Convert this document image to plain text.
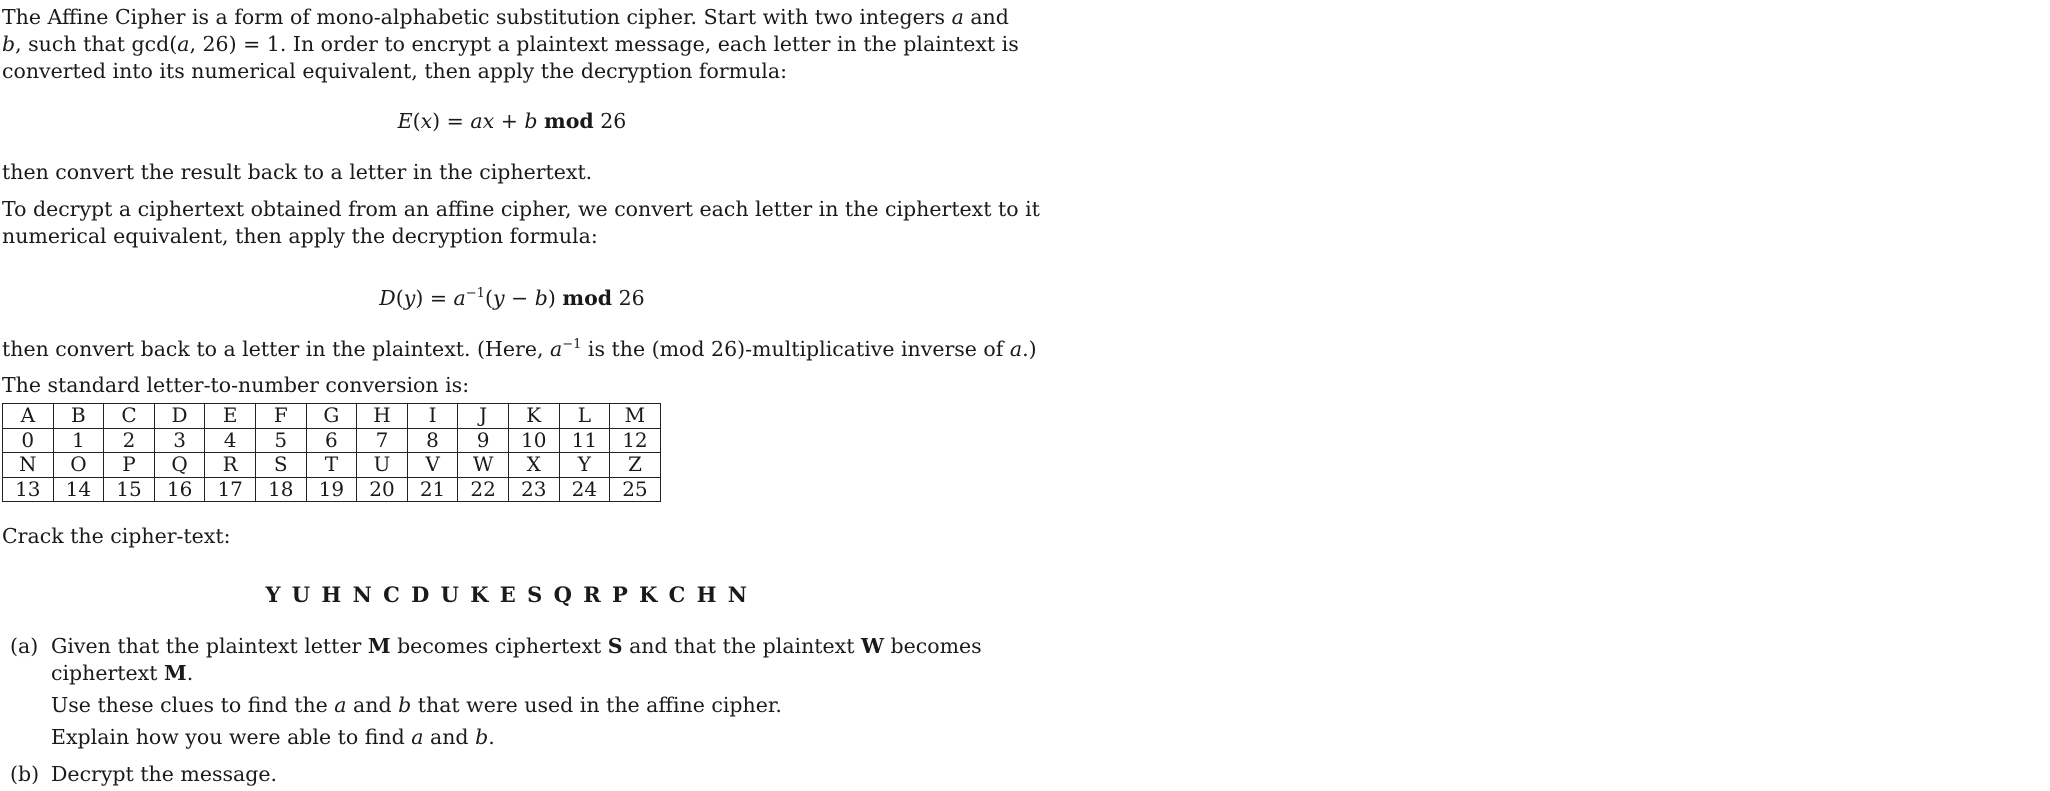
The Affine Cipher is a form of mono-alphabetic substitution cipher. Start with two integers a and
b, such that gcd(a, 26) = 1. In order to encrypt a plaintext message, each letter in the plaintext is
converted into its numerical equivalent, then apply the decryption formula:
E(x) = ax + b mod 26
then convert the result back to a letter in the ciphertext.
To decrypt a ciphertext obtained from an affine cipher, we convert each letter in the ciphertext to it
numerical equivalent, then apply the decryption formula:
$D(y) = a^{-1}(y - b)$ mod 26
then convert back to a letter in the plaintext. (Here, $a^{-1}$ is the (mod 26)-multiplicative inverse of a.)
The standard letter-to-number conversion is:
A	B	C	D	E	F	G	H	I	J	K	L	M
0	1	2	3	4	5	6	7	8	9	10	11	12
N	O	P	Q	R	S	T	U	V	W	X	Y	Z
13	14	15	16	17	18	19	20	21	22	23	24	25
Crack the cipher-text:
Y U H N C D U K E S Q R P K C H N
(a) Given that the plaintext letter M becomes ciphertext S and that the plaintext W becomes
ciphertext M.
Use these clues to find the a and b that were used in the affine cipher.
Explain how you were able to find a and b.
(b) Decrypt the message.
